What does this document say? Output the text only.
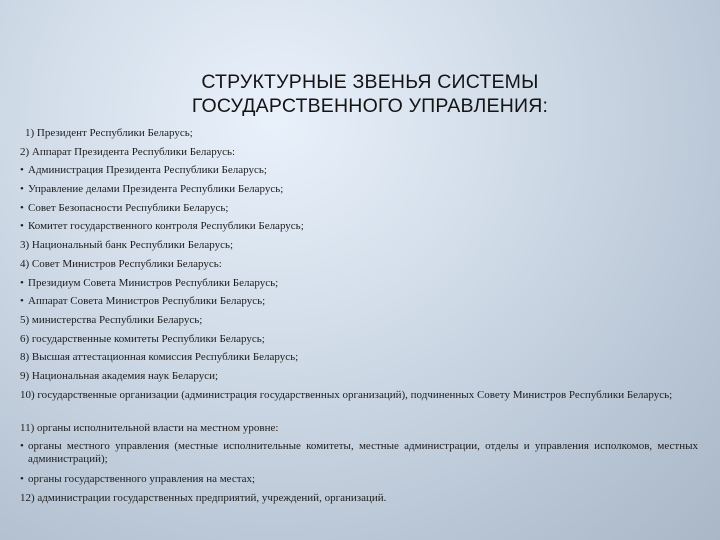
СТРУКТУРНЫЕ ЗВЕНЬЯ СИСТЕМЫ
ГОСУДАРСТВЕННОГО УПРАВЛЕНИЯ:
1) Президент Республики Беларусь;
2) Аппарат Президента Республики Беларусь:
• Администрация Президента Республики Беларусь;
• Управление делами Президента Республики Беларусь;
• Совет Безопасности Республики Беларусь;
• Комитет государственного контроля Республики Беларусь;
3) Национальный банк Республики Беларусь;
4) Совет Министров Республики Беларусь:
• Президиум Совета Министров Республики Беларусь;
• Аппарат Совета Министров Республики Беларусь;
5) министерства Республики Беларусь;
6) государственные комитеты Республики Беларусь;
8) Высшая аттестационная комиссия Республики Беларусь;
9) Национальная академия наук Беларуси;
10) государственные организации (администрация государственных организаций), подчиненных Совету Министров Республики Беларусь;
11) органы исполнительной власти на местном уровне:
• органы местного управления (местные исполнительные комитеты, местные администрации, отделы и управления исполкомов, местных администраций);
• органы государственного управления на местах;
12) администрации государственных предприятий, учреждений, организаций.
